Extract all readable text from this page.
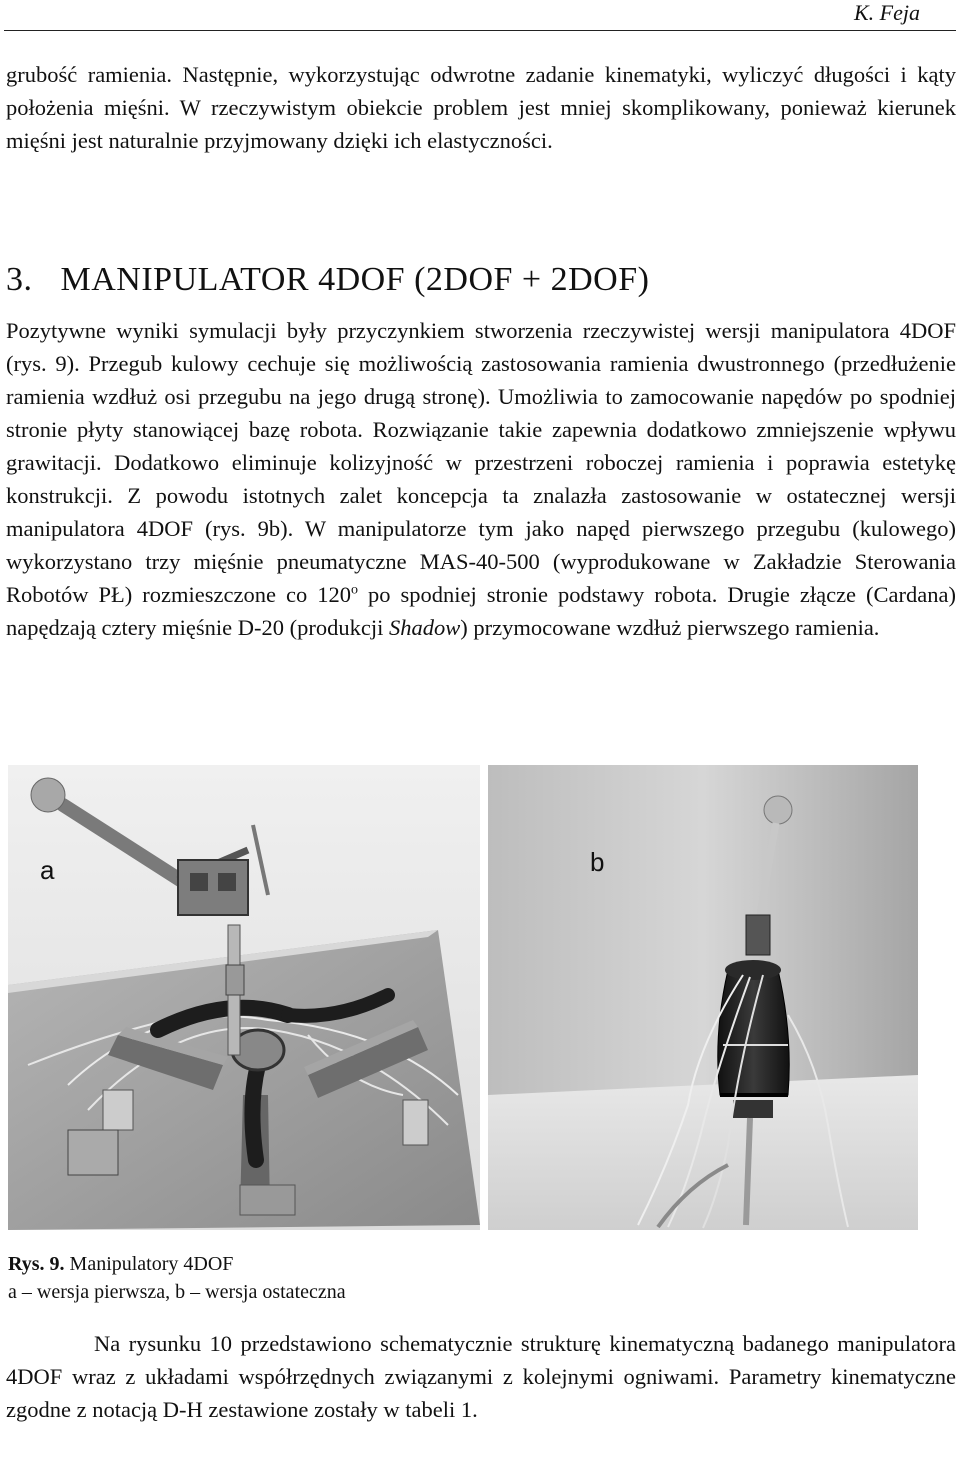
K. Feja

grubość ramienia. Następnie, wykorzystując odwrotne zadanie kinematyki, wyliczyć długości i kąty położenia mięśni. W rzeczywistym obiekcie problem jest mniej skomplikowany, ponieważ kierunek mięśni jest naturalnie przyjmowany dzięki ich elastyczności.

3. MANIPULATOR 4DOF (2DOF + 2DOF)

Pozytywne wyniki symulacji były przyczynkiem stworzenia rzeczywistej wersji manipulatora 4DOF (rys. 9). Przegub kulowy cechuje się możliwością zastosowania ramienia dwustronnego (przedłużenie ramienia wzdłuż osi przegubu na jego drugą stronę). Umożliwia to zamocowanie napędów po spodniej stronie płyty stanowiącej bazę robota. Rozwiązanie takie zapewnia dodatkowo zmniejszenie wpływu grawitacji. Dodatkowo eliminuje kolizyjność w przestrzeni roboczej ramienia i poprawia estetykę konstrukcji. Z powodu istotnych zalet koncepcja ta znalazła zastosowanie w ostatecznej wersji manipulatora 4DOF (rys. 9b). W manipulatorze tym jako napęd pierwszego przegubu (kulowego) wykorzystano trzy mięśnie pneumatyczne MAS-40-500 (wyprodukowane w Zakładzie Sterowania Robotów PŁ) rozmieszczone co 120$^o$ po spodniej stronie podstawy robota. Drugie złącze (Cardana) napędzają cztery mięśnie D-20 (produkcji Shadow) przymocowane wzdłuż pierwszego ramienia.

a	b

Rys. 9. Manipulatory 4DOF

a – wersja pierwsza, b – wersja ostateczna

Na rysunku 10 przedstawiono schematycznie strukturę kinematyczną badanego manipulatora 4DOF wraz z układami współrzędnych związanymi z kolejnymi ogniwami. Parametry kinematyczne zgodne z notacją D-H zestawione zostały w tabeli 1.
